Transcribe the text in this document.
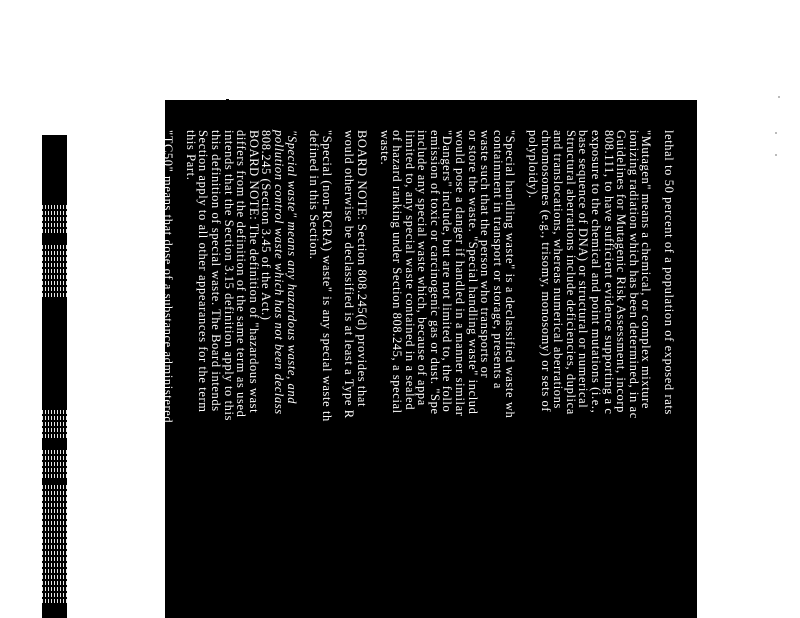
lethal to 50 percent of a population of exposed rats
"Mutagen" means a chemical, or complex mixture
ionizing radiation which has been determined, in ac
Guidelines for Mutagenic Risk Assessment, incorp
808.111, to have sufficient evidence supporting a c
exposure to the chemical and point mutations (i.e.,
base sequence of DNA) or structural or numerical
Structural aberrations include deficiencies, duplica
and translocations, whereas numerical aberrations
chromosomes (e.g., trisomy, monosomy) or sets of
polyploidy).
"Special handling waste" is a declassified waste wh
containment in transport or storage, presents a
waste such that the person who transports or
or store the waste. "Special handling waste" includ
would pose a danger if handled in a manner similar
"Dangers" include, but are not limited to, the follo
emission of toxic or carcinogenic gas or dust. "Spe
include any special waste which, because of appa
limited to, any special waste contained in a sealed
of hazard ranking under Section 808.245, a special
waste.
BOARD NOTE: Section 808.245(d) provides that
would otherwise be declassified is at least a Type R
"Special (non-RCRA) waste" is any special waste th
defined in this Section.
"Special waste" means any hazardous waste, and
pollution control waste which has not been declass
808.245 (Section 3.45 of the Act.)
BOARD NOTE: The definition of "hazardous wast
differs from the definition of the same term as used
intends that the Section 3.15 definition apply to this
this definition of special waste. The Board intends
Section apply to all other appearances for the term
this Part.
"TC50" means that dose of a substance administered
produces toxic effects in 50 percent of a population
